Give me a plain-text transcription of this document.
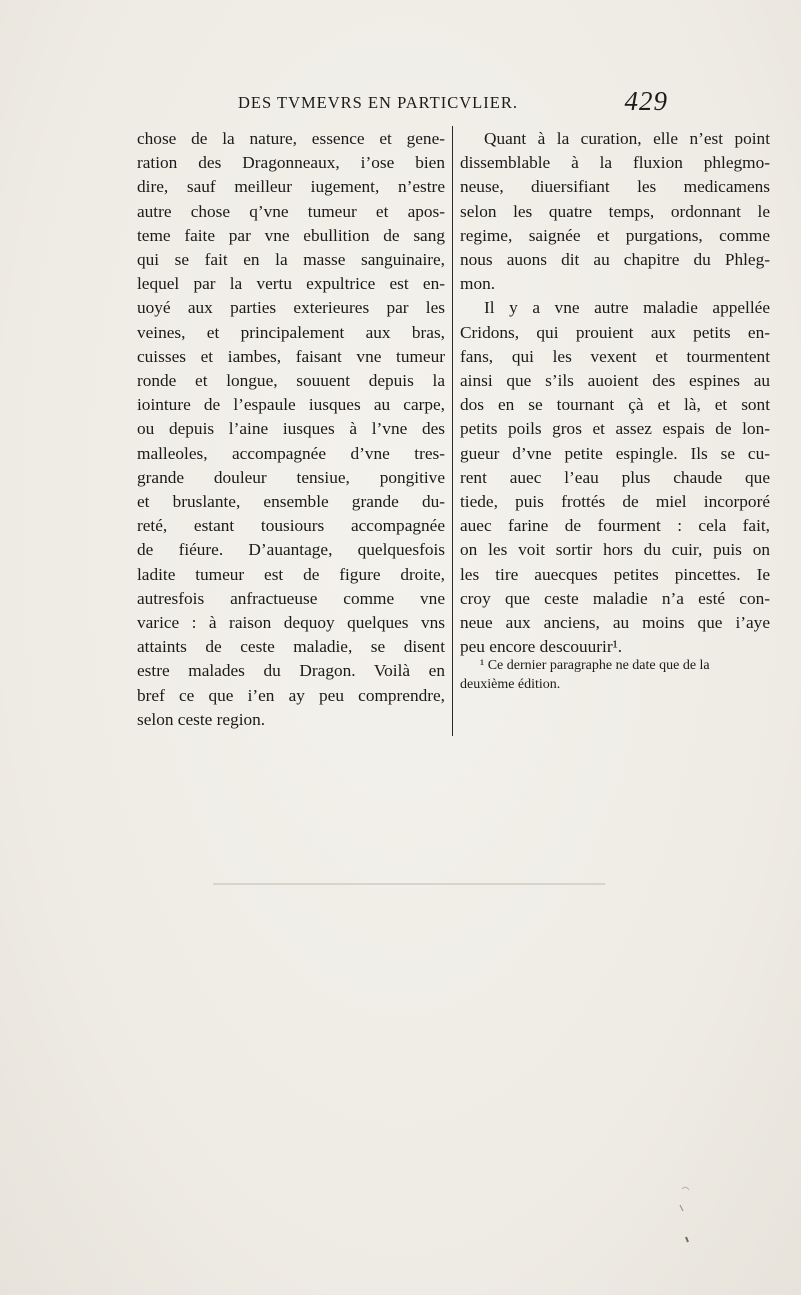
DES TVMEVRS EN PARTICVLIER.	429
chose de la nature, essence et gene-
ration des Dragonneaux, i’ose bien
dire, sauf meilleur iugement, n’estre
autre chose q’vne tumeur et apos-
teme faite par vne ebullition de sang
qui se fait en la masse sanguinaire,
lequel par la vertu expultrice est en-
uoyé aux parties exterieures par les
veines, et principalement aux bras,
cuisses et iambes, faisant vne tumeur
ronde et longue, souuent depuis la
iointure de l’espaule iusques au carpe,
ou depuis l’aine iusques à l’vne des
malleoles, accompagnée d’vne tres-
grande douleur tensiue, pongitive
et bruslante, ensemble grande du-
reté, estant tousiours accompagnée
de fiéure. D’auantage, quelquesfois
ladite tumeur est de figure droite,
autresfois anfractueuse comme vne
varice : à raison dequoy quelques vns
attaints de ceste maladie, se disent
estre malades du Dragon. Voilà en
bref ce que i’en ay peu comprendre,
selon ceste region.
Quant à la curation, elle n’est point
dissemblable à la fluxion phlegmo-
neuse, diuersifiant les medicamens
selon les quatre temps, ordonnant le
regime, saignée et purgations, comme
nous auons dit au chapitre du Phleg-
mon.
Il y a vne autre maladie appellée
Cridons, qui prouient aux petits en-
fans, qui les vexent et tourmentent
ainsi que s’ils auoient des espines au
dos en se tournant çà et là, et sont
petits poils gros et assez espais de lon-
gueur d’vne petite espingle. Ils se cu-
rent auec l’eau plus chaude que
tiede, puis frottés de miel incorporé
auec farine de fourment : cela fait,
on les voit sortir hors du cuir, puis on
les tire auecques petites pincettes. Ie
croy que ceste maladie n’a esté con-
neue aux anciens, au moins que i’aye
peu encore descouurir¹.
¹ Ce dernier paragraphe ne date que de la
deuxième édition.
